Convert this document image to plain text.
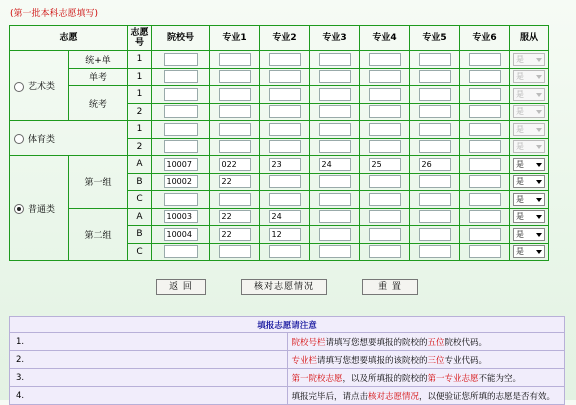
(第一批本科志愿填写)
志愿		志愿号	院校号	专业1	专业2	专业3	专业4	专业5	专业6	服从
艺术类	统+单	1								是

	单考	1								是

	统考	1								是

		2								是

体育类		1								是

		2								是

普通类	第一组	A	10007	022	23	24	25	26		是

		B	10002	22						是

		C								是

	第二组	A	10003	22	24					是

		B	10004	22	12					是

		C								是
返 回	核对志愿情况	重 置
填报志愿请注意	
1.	院校号栏请填写您想要填报的院校的五位院校代码。
2.	专业栏请填写您想要填报的该院校的三位专业代码。
3.	第一院校志愿，以及所填报的院校的第一专业志愿不能为空。
4.	填报完毕后，请点击核对志愿情况，以便验证您所填的志愿是否有效。
